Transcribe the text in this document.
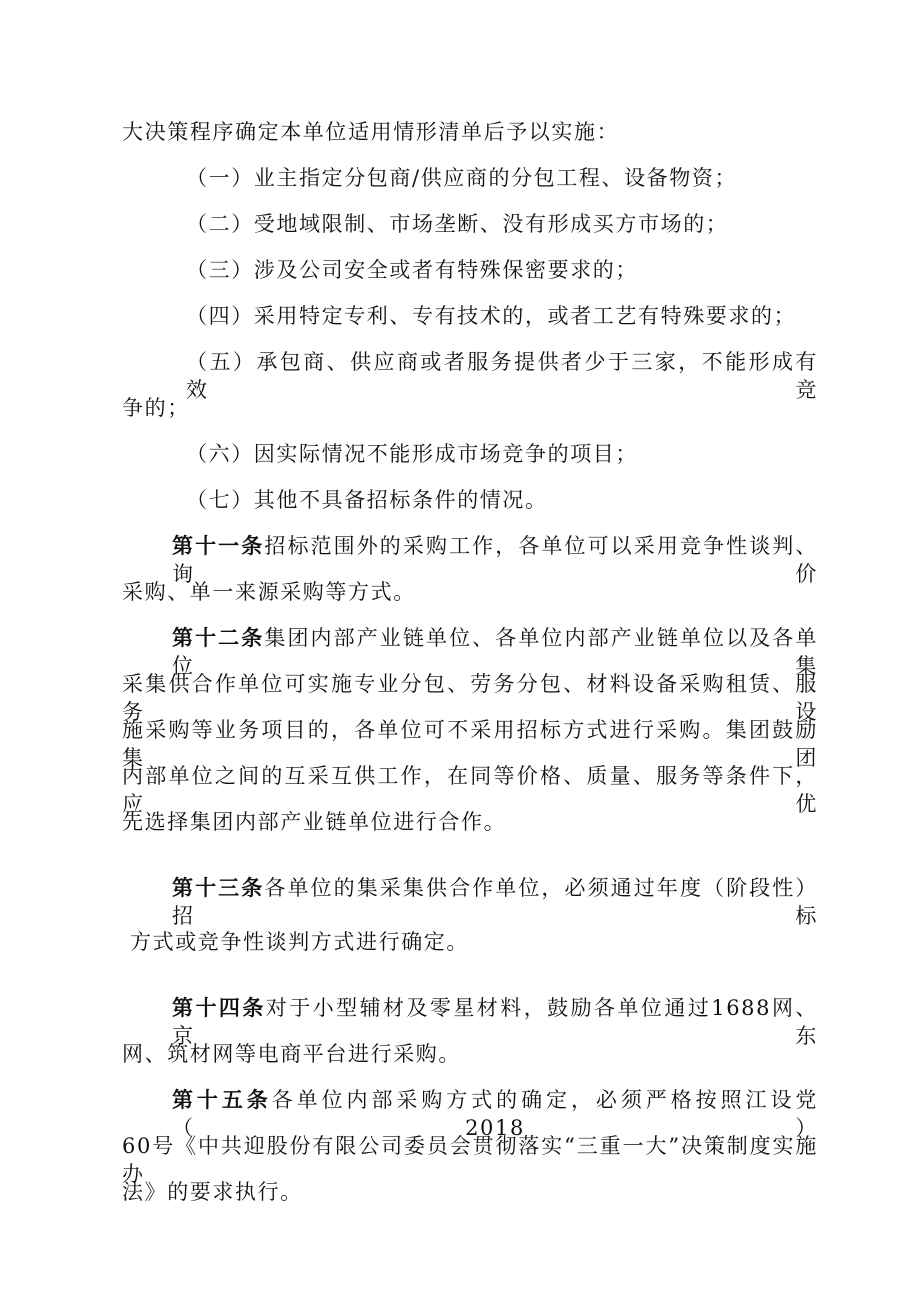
大决策程序确定本单位适用情形清单后予以实施：
（一）业主指定分包商/供应商的分包工程、设备物资；
（二）受地域限制、市场垄断、没有形成买方市场的；
（三）涉及公司安全或者有特殊保密要求的；
（四）采用特定专利、专有技术的，或者工艺有特殊要求的；
（五）承包商、供应商或者服务提供者少于三家，不能形成有效竞
争的；
（六）因实际情况不能形成市场竞争的项目；
（七）其他不具备招标条件的情况。
第十一条招标范围外的采购工作，各单位可以采用竞争性谈判、询价
采购、单一来源采购等方式。
第十二条集团内部产业链单位、各单位内部产业链单位以及各单位集
采集供合作单位可实施专业分包、劳务分包、材料设备采购租赁、服务设
施采购等业务项目的，各单位可不采用招标方式进行采购。集团鼓励集团
内部单位之间的互采互供工作，在同等价格、质量、服务等条件下，应优
先选择集团内部产业链单位进行合作。
第十三条各单位的集采集供合作单位，必须通过年度（阶段性）招标
方式或竞争性谈判方式进行确定。
第十四条对于小型辅材及零星材料，鼓励各单位通过1688网、京东
网、筑材网等电商平台进行采购。
第十五条各单位内部采购方式的确定，必须严格按照江设党（2018）
60号《中共迎股份有限公司委员会贯彻落实“三重一大”决策制度实施办
法》的要求执行。
